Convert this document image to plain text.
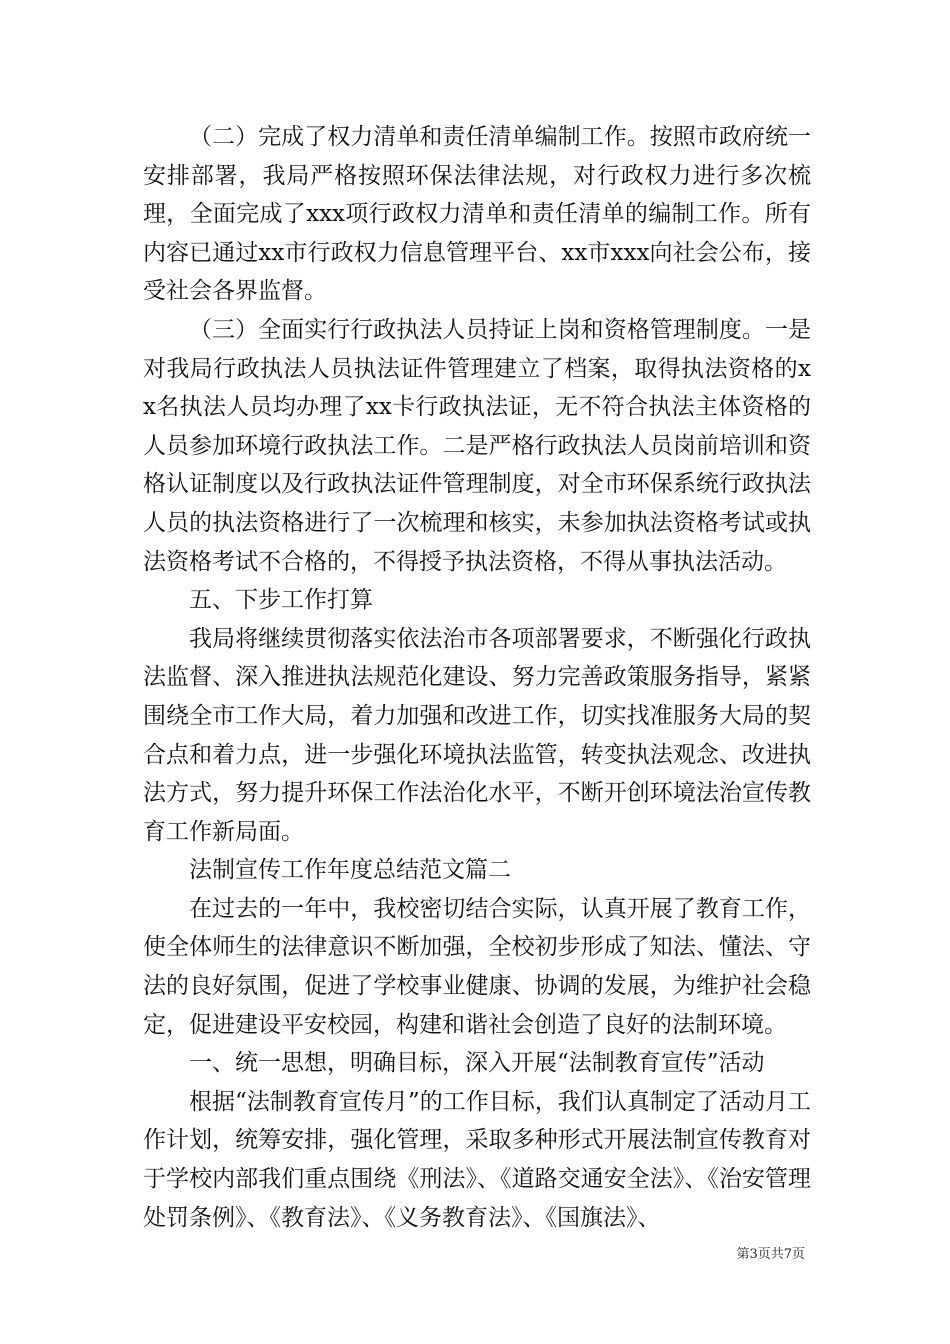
（二）完成了权力清单和责任清单编制工作。按照市政府统一安排部署，我局严格按照环保法律法规，对行政权力进行多次梳理，全面完成了xxx项行政权力清单和责任清单的编制工作。所有内容已通过xx市行政权力信息管理平台、xx市xxx向社会公布，接受社会各界监督。

（三）全面实行行政执法人员持证上岗和资格管理制度。一是对我局行政执法人员执法证件管理建立了档案，取得执法资格的xx名执法人员均办理了xx卡行政执法证，无不符合执法主体资格的人员参加环境行政执法工作。二是严格行政执法人员岗前培训和资格认证制度以及行政执法证件管理制度，对全市环保系统行政执法人员的执法资格进行了一次梳理和核实，未参加执法资格考试或执法资格考试不合格的，不得授予执法资格，不得从事执法活动。

五、下步工作打算

我局将继续贯彻落实依法治市各项部署要求，不断强化行政执法监督、深入推进执法规范化建设、努力完善政策服务指导，紧紧围绕全市工作大局，着力加强和改进工作，切实找准服务大局的契合点和着力点，进一步强化环境执法监管，转变执法观念、改进执法方式，努力提升环保工作法治化水平，不断开创环境法治宣传教育工作新局面。

法制宣传工作年度总结范文篇二

在过去的一年中，我校密切结合实际，认真开展了教育工作，使全体师生的法律意识不断加强，全校初步形成了知法、懂法、守法的良好氛围，促进了学校事业健康、协调的发展，为维护社会稳定，促进建设平安校园，构建和谐社会创造了良好的法制环境。

一、统一思想，明确目标，深入开展“法制教育宣传”活动

根据“法制教育宣传月”的工作目标，我们认真制定了活动月工作计划，统筹安排，强化管理，采取多种形式开展法制宣传教育对于学校内部我们重点围绕《刑法》、《道路交通安全法》、《治安管理处罚条例》、《教育法》、《义务教育法》、《国旗法》、

第3页共7页
